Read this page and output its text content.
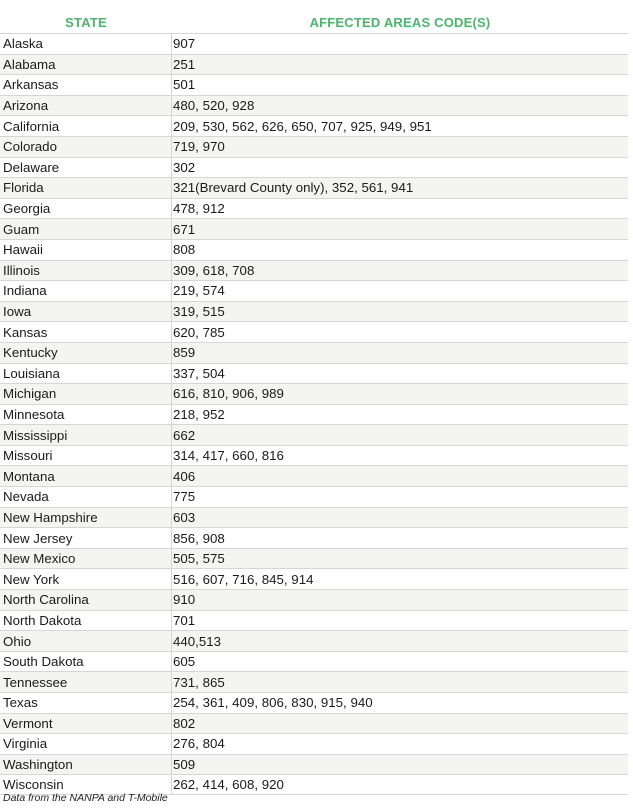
STATE	AFFECTED AREAS CODE(S)
Alaska	907
Alabama	251
Arkansas	501
Arizona	480, 520, 928
California	209, 530, 562, 626, 650, 707, 925, 949, 951
Colorado	719, 970
Delaware	302
Florida	321(Brevard County only), 352, 561, 941
Georgia	478, 912
Guam	671
Hawaii	808
Illinois	309, 618, 708
Indiana	219, 574
Iowa	319, 515
Kansas	620, 785
Kentucky	859
Louisiana	337, 504
Michigan	616, 810, 906, 989
Minnesota	218, 952
Mississippi	662
Missouri	314, 417, 660, 816
Montana	406
Nevada	775
New Hampshire	603
New Jersey	856, 908
New Mexico	505, 575
New York	516, 607, 716, 845, 914
North Carolina	910
North Dakota	701
Ohio	440,513
South Dakota	605
Tennessee	731, 865
Texas	254, 361, 409, 806, 830, 915, 940
Vermont	802
Virginia	276, 804
Washington	509
Wisconsin	262, 414, 608, 920
Data from the NANPA and T-Mobile
